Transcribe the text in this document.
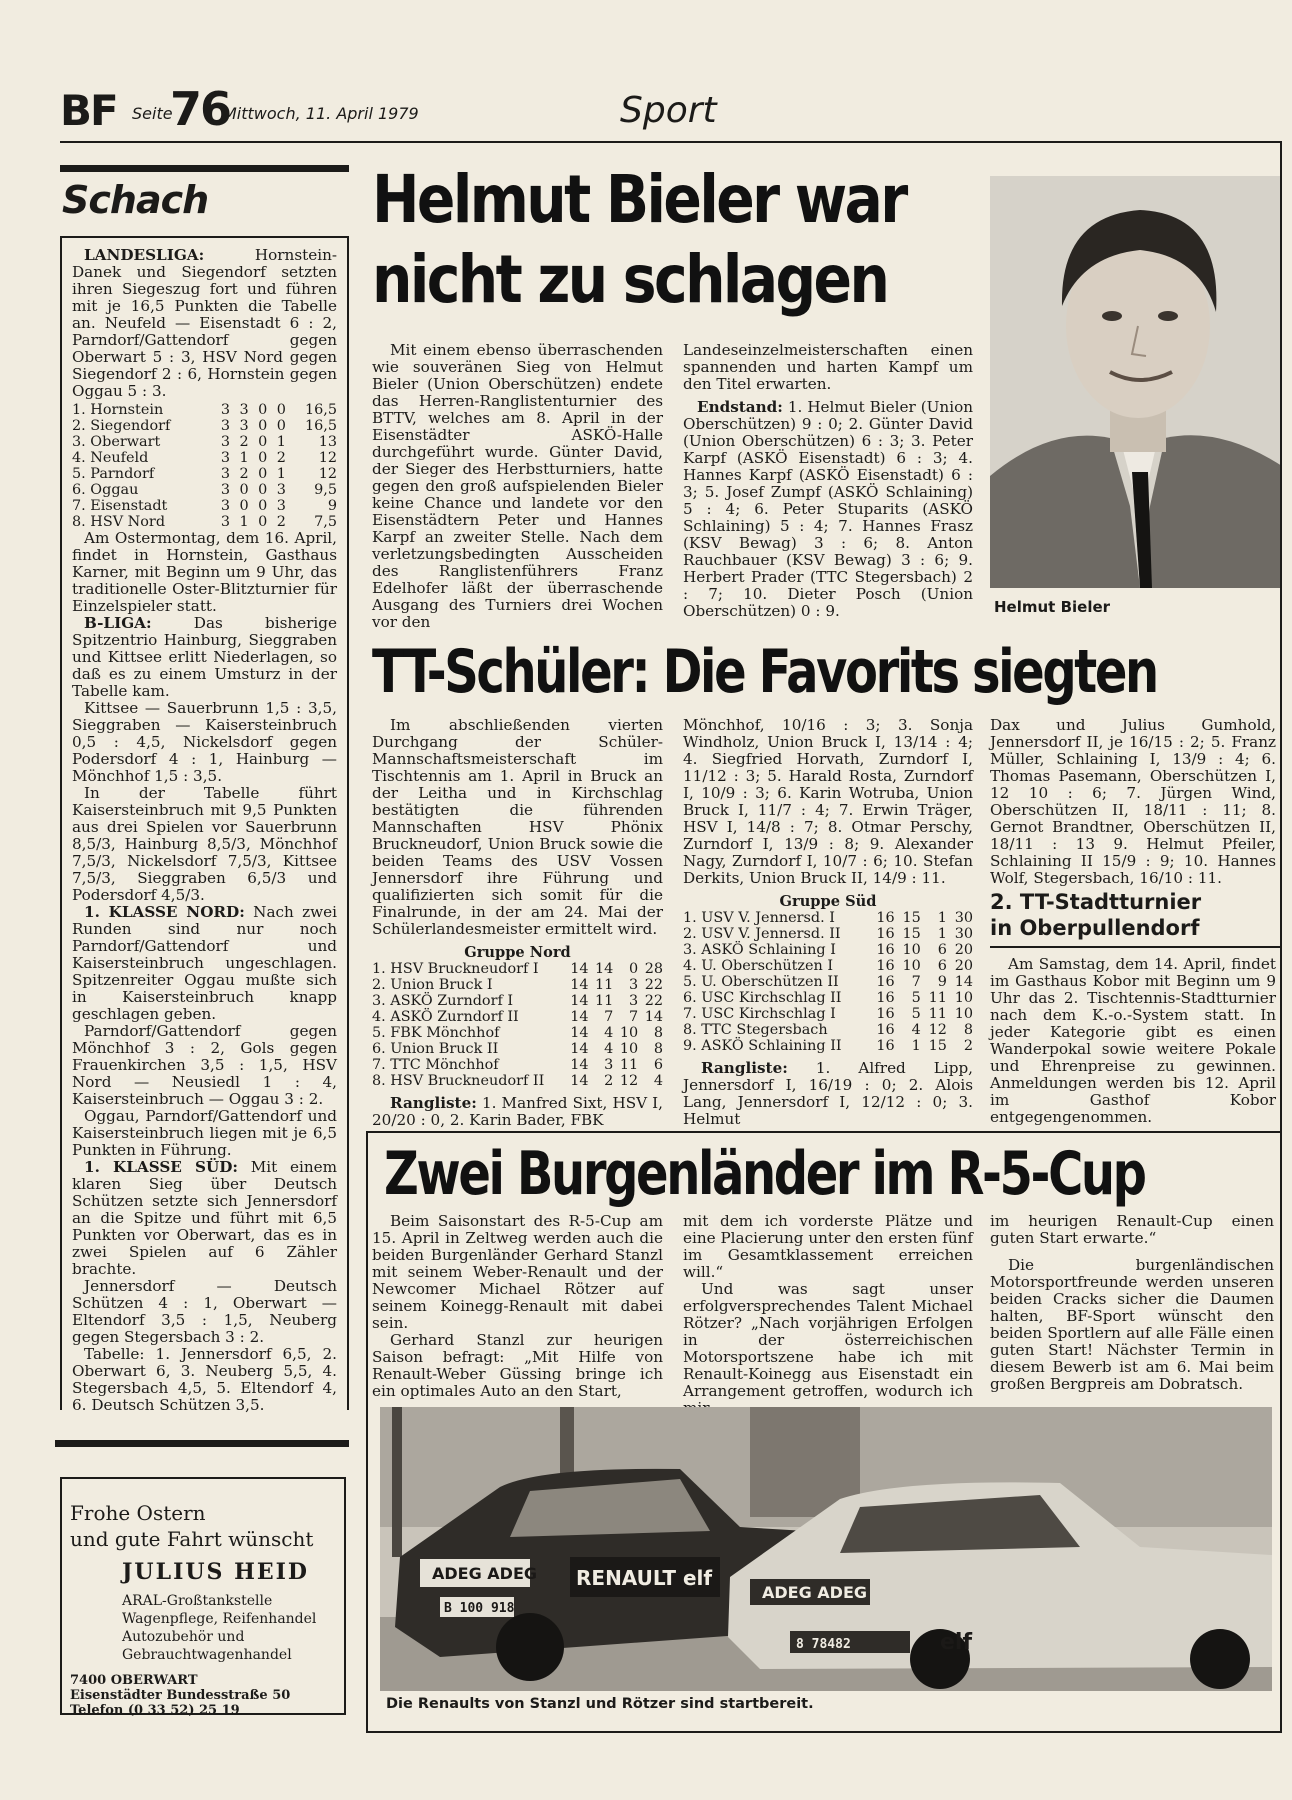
BF Seite
76
Mittwoch, 11. April 1979	Sport
Schach

LANDESLIGA: Hornstein-Danek und Siegendorf setzten ihren Siegeszug fort und führen mit je 16,5 Punkten die Tabelle an. Neufeld — Eisenstadt 6 : 2, Parndorf/Gattendorf gegen Oberwart 5 : 3, HSV Nord gegen Siegendorf 2 : 6, Hornstein gegen Oggau 5 : 3.

1. Hornstein	3	3	0	0	16,5
2. Siegendorf	3	3	0	0	16,5
3. Oberwart	3	2	0	1	13
4. Neufeld	3	1	0	2	12
5. Parndorf	3	2	0	1	12
6. Oggau	3	0	0	3	9,5
7. Eisenstadt	3	0	0	3	9
8. HSV Nord	3	1	0	2	7,5

Am Ostermontag, dem 16. April, findet in Hornstein, Gasthaus Karner, mit Beginn um 9 Uhr, das traditionelle Oster-Blitzturnier für Einzelspieler statt.

B-LIGA: Das bisherige Spitzentrio Hainburg, Sieggraben und Kittsee erlitt Niederlagen, so daß es zu einem Umsturz in der Tabelle kam.

Kittsee — Sauerbrunn 1,5 : 3,5, Sieggraben — Kaisersteinbruch 0,5 : 4,5, Nickelsdorf gegen Podersdorf 4 : 1, Hainburg — Mönchhof 1,5 : 3,5.

In der Tabelle führt Kaisersteinbruch mit 9,5 Punkten aus drei Spielen vor Sauerbrunn 8,5/3, Hainburg 8,5/3, Mönchhof 7,5/3, Nickelsdorf 7,5/3, Kittsee 7,5/3, Sieggraben 6,5/3 und Podersdorf 4,5/3.

1. KLASSE NORD: Nach zwei Runden sind nur noch Parndorf/Gattendorf und Kaisersteinbruch ungeschlagen. Spitzenreiter Oggau mußte sich in Kaisersteinbruch knapp geschlagen geben.

Parndorf/Gattendorf gegen Mönchhof 3 : 2, Gols gegen Frauenkirchen 3,5 : 1,5, HSV Nord — Neusiedl 1 : 4, Kaisersteinbruch — Oggau 3 : 2.

Oggau, Parndorf/Gattendorf und Kaisersteinbruch liegen mit je 6,5 Punkten in Führung.

1. KLASSE SÜD: Mit einem klaren Sieg über Deutsch Schützen setzte sich Jennersdorf an die Spitze und führt mit 6,5 Punkten vor Oberwart, das es in zwei Spielen auf 6 Zähler brachte.

Jennersdorf — Deutsch Schützen 4 : 1, Oberwart — Eltendorf 3,5 : 1,5, Neuberg gegen Stegersbach 3 : 2.

Tabelle: 1. Jennersdorf 6,5, 2. Oberwart 6, 3. Neuberg 5,5, 4. Stegersbach 4,5, 5. Eltendorf 4, 6. Deutsch Schützen 3,5.

Frohe Ostern
und gute Fahrt wünscht
JULIUS HEID
ARAL-Großtankstelle
Wagenpflege, Reifenhandel
Autozubehör und
Gebrauchtwagenhandel
7400 OBERWART
Eisenstädter Bundesstraße 50
Telefon (0 33 52) 25 19
Helmut Bieler war
nicht zu schlagen

Mit einem ebenso überraschenden wie souveränen Sieg von Helmut Bieler (Union Oberschützen) endete das Herren-Ranglistenturnier des BTTV, welches am 8. April in der Eisenstädter ASKÖ-Halle durchgeführt wurde. Günter David, der Sieger des Herbstturniers, hatte gegen den groß aufspielenden Bieler keine Chance und landete vor den Eisenstädtern Peter und Hannes Karpf an zweiter Stelle. Nach dem verletzungsbedingten Ausscheiden des Ranglistenführers Franz Edelhofer läßt der überraschende Ausgang des Turniers drei Wochen vor den

Landeseinzelmeisterschaften einen spannenden und harten Kampf um den Titel erwarten.

Endstand: 1. Helmut Bieler (Union Oberschützen) 9 : 0; 2. Günter David (Union Oberschützen) 6 : 3; 3. Peter Karpf (ASKÖ Eisenstadt) 6 : 3; 4. Hannes Karpf (ASKÖ Eisenstadt) 6 : 3; 5. Josef Zumpf (ASKÖ Schlaining) 5 : 4; 6. Peter Stuparits (ASKÖ Schlaining) 5 : 4; 7. Hannes Frasz (KSV Bewag) 3 : 6; 8. Anton Rauchbauer (KSV Bewag) 3 : 6; 9. Herbert Prader (TTC Stegersbach) 2 : 7; 10. Dieter Posch (Union Oberschützen) 0 : 9.	Helmut Bieler
TT-Schüler: Die Favorits siegten

Im abschließenden vierten Durchgang der Schüler-Mannschaftsmeisterschaft im Tischtennis am 1. April in Bruck an der Leitha und in Kirchschlag bestätigten die führenden Mannschaften HSV Phönix Bruckneudorf, Union Bruck sowie die beiden Teams des USV Vossen Jennersdorf ihre Führung und qualifizierten sich somit für die Finalrunde, in der am 24. Mai der Schülerlandesmeister ermittelt wird.

Gruppe Nord
1. HSV Bruckneudorf I	14	14	0	28
2. Union Bruck I	14	11	3	22
3. ASKÖ Zurndorf I	14	11	3	22
4. ASKÖ Zurndorf II	14	7	7	14
5. FBK Mönchhof	14	4	10	8
6. Union Bruck II	14	4	10	8
7. TTC Mönchhof	14	3	11	6
8. HSV Bruckneudorf II	14	2	12	4

Rangliste: 1. Manfred Sixt, HSV I, 20/20 : 0, 2. Karin Bader, FBK

Mönchhof, 10/16 : 3; 3. Sonja Windholz, Union Bruck I, 13/14 : 4; 4. Siegfried Horvath, Zurndorf I, 11/12 : 3; 5. Harald Rosta, Zurndorf I, 10/9 : 3; 6. Karin Wotruba, Union Bruck I, 11/7 : 4; 7. Erwin Träger, HSV I, 14/8 : 7; 8. Otmar Perschy, Zurndorf I, 13/9 : 8; 9. Alexander Nagy, Zurndorf I, 10/7 : 6; 10. Stefan Derkits, Union Bruck II, 14/9 : 11.

Gruppe Süd
1. USV V. Jennersd. I	16	15	1	30
2. USV V. Jennersd. II	16	15	1	30
3. ASKÖ Schlaining I	16	10	6	20
4. U. Oberschützen I	16	10	6	20
5. U. Oberschützen II	16	7	9	14
6. USC Kirchschlag II	16	5	11	10
7. USC Kirchschlag I	16	5	11	10
8. TTC Stegersbach	16	4	12	8
9. ASKÖ Schlaining II	16	1	15	2

Rangliste: 1. Alfred Lipp, Jennersdorf I, 16/19 : 0; 2. Alois Lang, Jennersdorf I, 12/12 : 0; 3. Helmut

Dax und Julius Gumhold, Jennersdorf II, je 16/15 : 2; 5. Franz Müller, Schlaining I, 13/9 : 4; 6. Thomas Pasemann, Oberschützen I, 12 10 : 6; 7. Jürgen Wind, Oberschützen II, 18/11 : 11; 8. Gernot Brandtner, Oberschützen II, 18/11 : 13 9. Helmut Pfeiler, Schlaining II 15/9 : 9; 10. Hannes Wolf, Stegersbach, 16/10 : 11.

2. TT-Stadtturnier
in Oberpullendorf

Am Samstag, dem 14. April, findet im Gasthaus Kobor mit Beginn um 9 Uhr das 2. Tischtennis-Stadtturnier nach dem K.-o.-System statt. In jeder Kategorie gibt es einen Wanderpokal sowie weitere Pokale und Ehrenpreise zu gewinnen. Anmeldungen werden bis 12. April im Gasthof Kobor entgegengenommen.

Zwei Burgenländer im R-5-Cup

Beim Saisonstart des R-5-Cup am 15. April in Zeltweg werden auch die beiden Burgenländer Gerhard Stanzl mit seinem Weber-Renault und der Newcomer Michael Rötzer auf seinem Koinegg-Renault mit dabei sein.

Gerhard Stanzl zur heurigen Saison befragt: „Mit Hilfe von Renault-Weber Güssing bringe ich ein optimales Auto an den Start,

mit dem ich vorderste Plätze und eine Placierung unter den ersten fünf im Gesamtklassement erreichen will.“

Und was sagt unser erfolgversprechendes Talent Michael Rötzer? „Nach vorjährigen Erfolgen in der österreichischen Motorsportszene habe ich mit Renault-Koinegg aus Eisenstadt ein Arrangement getroffen, wodurch ich

im heurigen Renault-Cup einen guten Start erwarte.“

Die burgenländischen Motorsportfreunde werden unseren beiden Cracks sicher die Daumen halten, BF-Sport wünscht den beiden Sportlern auf alle Fälle einen guten Start! Nächster Termin in diesem Bewerb ist am 6. Mai beim großen Bergpreis am Dobratsch.

ADEG ADEG RENAULT elf
B 100 918
ADEG ADEG
8 78482	elf
Die Renaults von Stanzl und Rötzer sind startbereit.
